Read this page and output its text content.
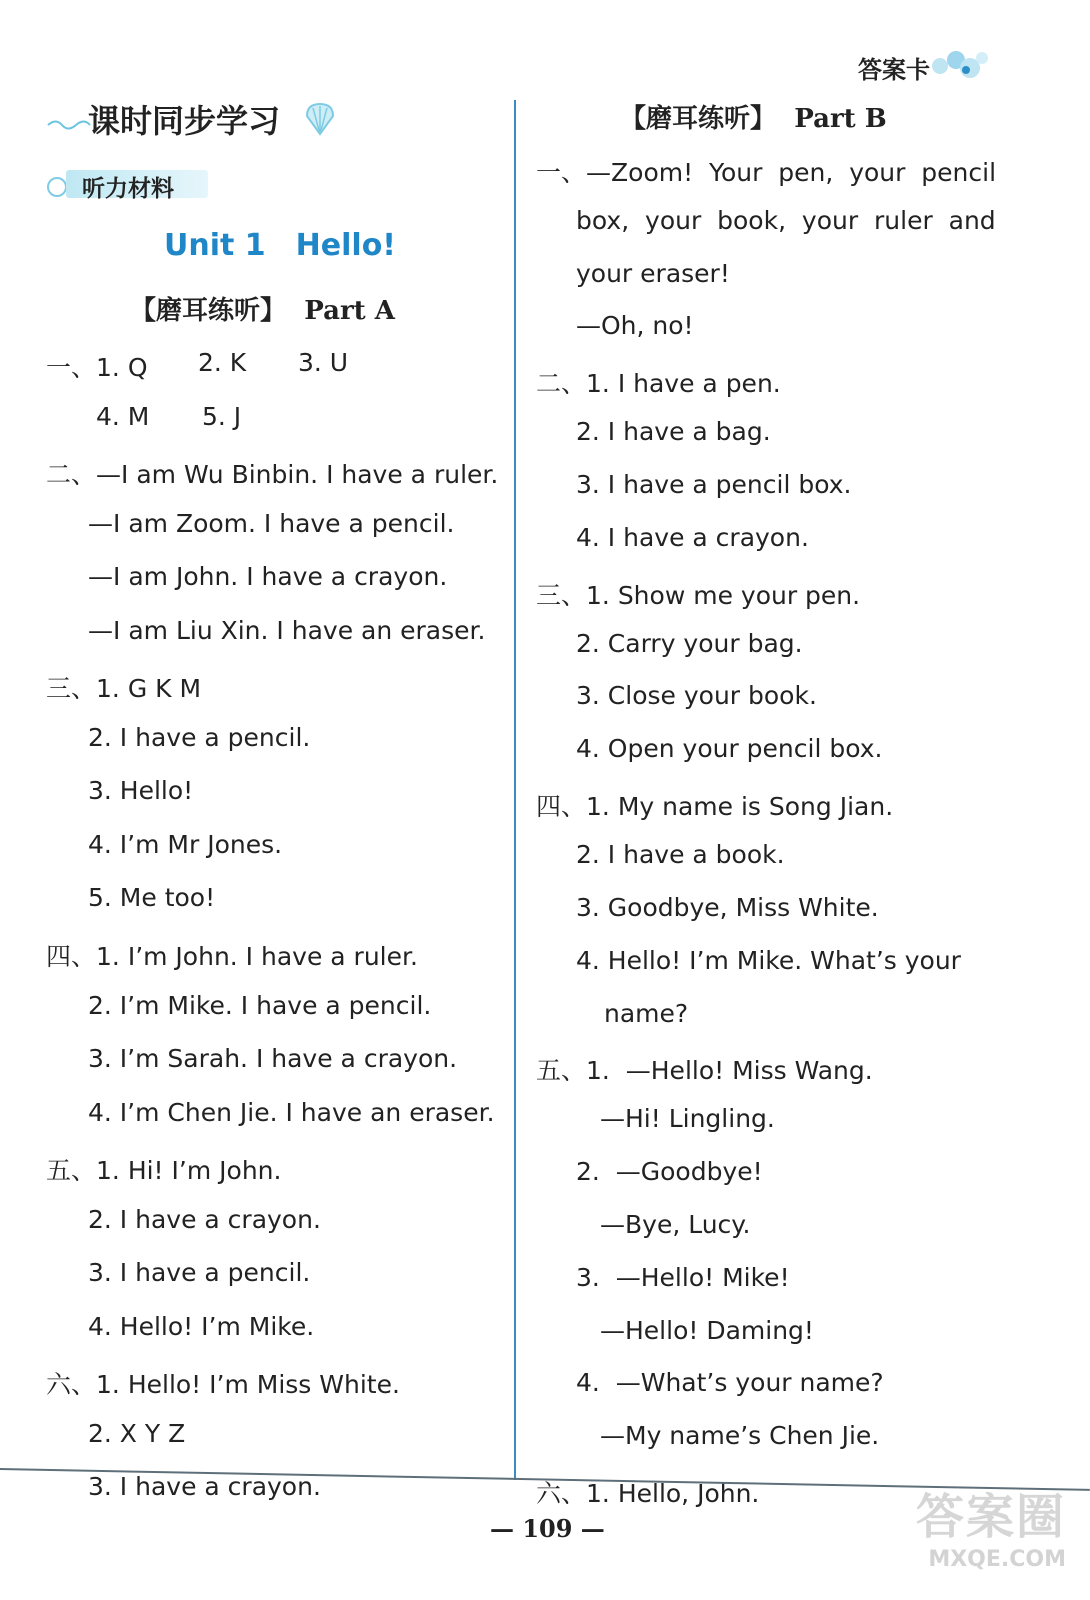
答案卡
课时同步学习
听力材料
Unit 1 Hello!
【磨耳练听】 Part A
一、1. Q 2. K 3. U
4. M 5. J
二、—I am Wu Binbin. I have a ruler.
—I am Zoom. I have a pencil.
—I am John. I have a crayon.
—I am Liu Xin. I have an eraser.
三、1. G K M
2. I have a pencil.
3. Hello!
4. I’m Mr Jones.
5. Me too!
四、1. I’m John. I have a ruler.
2. I’m Mike. I have a pencil.
3. I’m Sarah. I have a crayon.
4. I’m Chen Jie. I have an eraser.
五、1. Hi! I’m John.
2. I have a crayon.
3. I have a pencil.
4. Hello! I’m Mike.
六、1. Hello! I’m Miss White.
2. X Y Z
3. I have a crayon.
【磨耳练听】 Part B
一、—Zoom!  Your  pen,  your  pencil
box,  your  book,  your  ruler  and
your eraser!
—Oh, no!
二、1. I have a pen.
2. I have a bag.
3. I have a pencil box.
4. I have a crayon.
三、1. Show me your pen.
2. Carry your bag.
3. Close your book.
4. Open your pencil box.
四、1. My name is Song Jian.
2. I have a book.
3. Goodbye, Miss White.
4. Hello! I’m Mike. What’s your
name?
五、1.  —Hello! Miss Wang.
—Hi! Lingling.
2.  —Goodbye!
—Bye, Lucy.
3.  —Hello! Mike!
—Hello! Daming!
4.  —What’s your name?
—My name’s Chen Jie.
六、1. Hello, John.
— 109 —	答案圈
MXQE.COM
